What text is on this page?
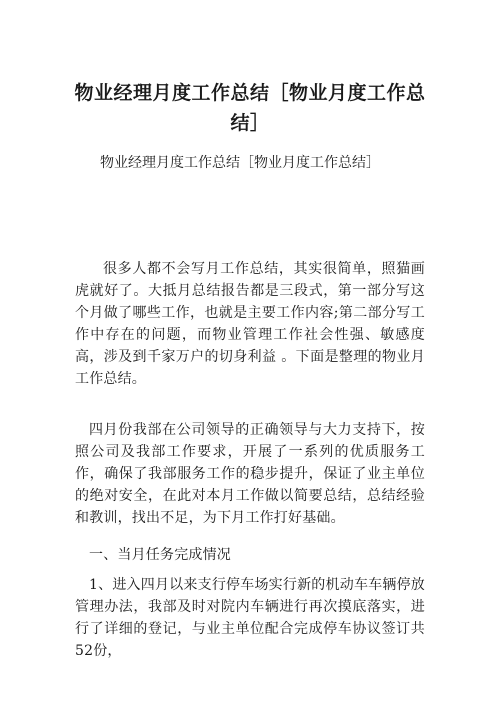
物业经理月度工作总结［物业月度工作总结］

物业经理月度工作总结［物业月度工作总结］

很多人都不会写月工作总结，其实很简单，照猫画虎就好了。大抵月总结报告都是三段式，第一部分写这个月做了哪些工作，也就是主要工作内容;第二部分写工作中存在的问题，而物业管理工作社会性强、敏感度高，涉及到千家万户的切身利益 。下面是整理的物业月工作总结。

四月份我部在公司领导的正确领导与大力支持下，按照公司及我部工作要求，开展了一系列的优质服务工作，确保了我部服务工作的稳步提升，保证了业主单位的绝对安全，在此对本月工作做以简要总结，总结经验和教训，找出不足，为下月工作打好基础。

一、当月任务完成情况

1、进入四月以来支行停车场实行新的机动车车辆停放管理办法，我部及时对院内车辆进行再次摸底落实，进行了详细的登记，与业主单位配合完成停车协议签订共52份，
